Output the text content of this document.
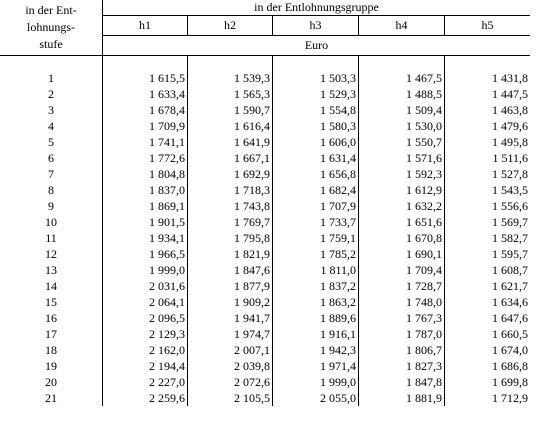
in der Ent-
lohnungs-
stufe
in der Entlohnungsgruppe
h1	h2	h3	h4	h5
Euro
1	1 615,5	1 539,3	1 503,3	1 467,5	1 431,8
2	1 633,4	1 565,3	1 529,3	1 488,5	1 447,5
3	1 678,4	1 590,7	1 554,8	1 509,4	1 463,8
4	1 709,9	1 616,4	1 580,3	1 530,0	1 479,6
5	1 741,1	1 641,9	1 606,0	1 550,7	1 495,8
6	1 772,6	1 667,1	1 631,4	1 571,6	1 511,6
7	1 804,8	1 692,9	1 656,8	1 592,3	1 527,8
8	1 837,0	1 718,3	1 682,4	1 612,9	1 543,5
9	1 869,1	1 743,8	1 707,9	1 632,2	1 556,6
10	1 901,5	1 769,7	1 733,7	1 651,6	1 569,7
11	1 934,1	1 795,8	1 759,1	1 670,8	1 582,7
12	1 966,5	1 821,9	1 785,2	1 690,1	1 595,7
13	1 999,0	1 847,6	1 811,0	1 709,4	1 608,7
14	2 031,6	1 877,9	1 837,2	1 728,7	1 621,7
15	2 064,1	1 909,2	1 863,2	1 748,0	1 634,6
16	2 096,5	1 941,7	1 889,6	1 767,3	1 647,6
17	2 129,3	1 974,7	1 916,1	1 787,0	1 660,5
18	2 162,0	2 007,1	1 942,3	1 806,7	1 674,0
19	2 194,4	2 039,8	1 971,4	1 827,3	1 686,8
20	2 227,0	2 072,6	1 999,0	1 847,8	1 699,8
21	2 259,6	2 105,5	2 055,0	1 881,9	1 712,9
